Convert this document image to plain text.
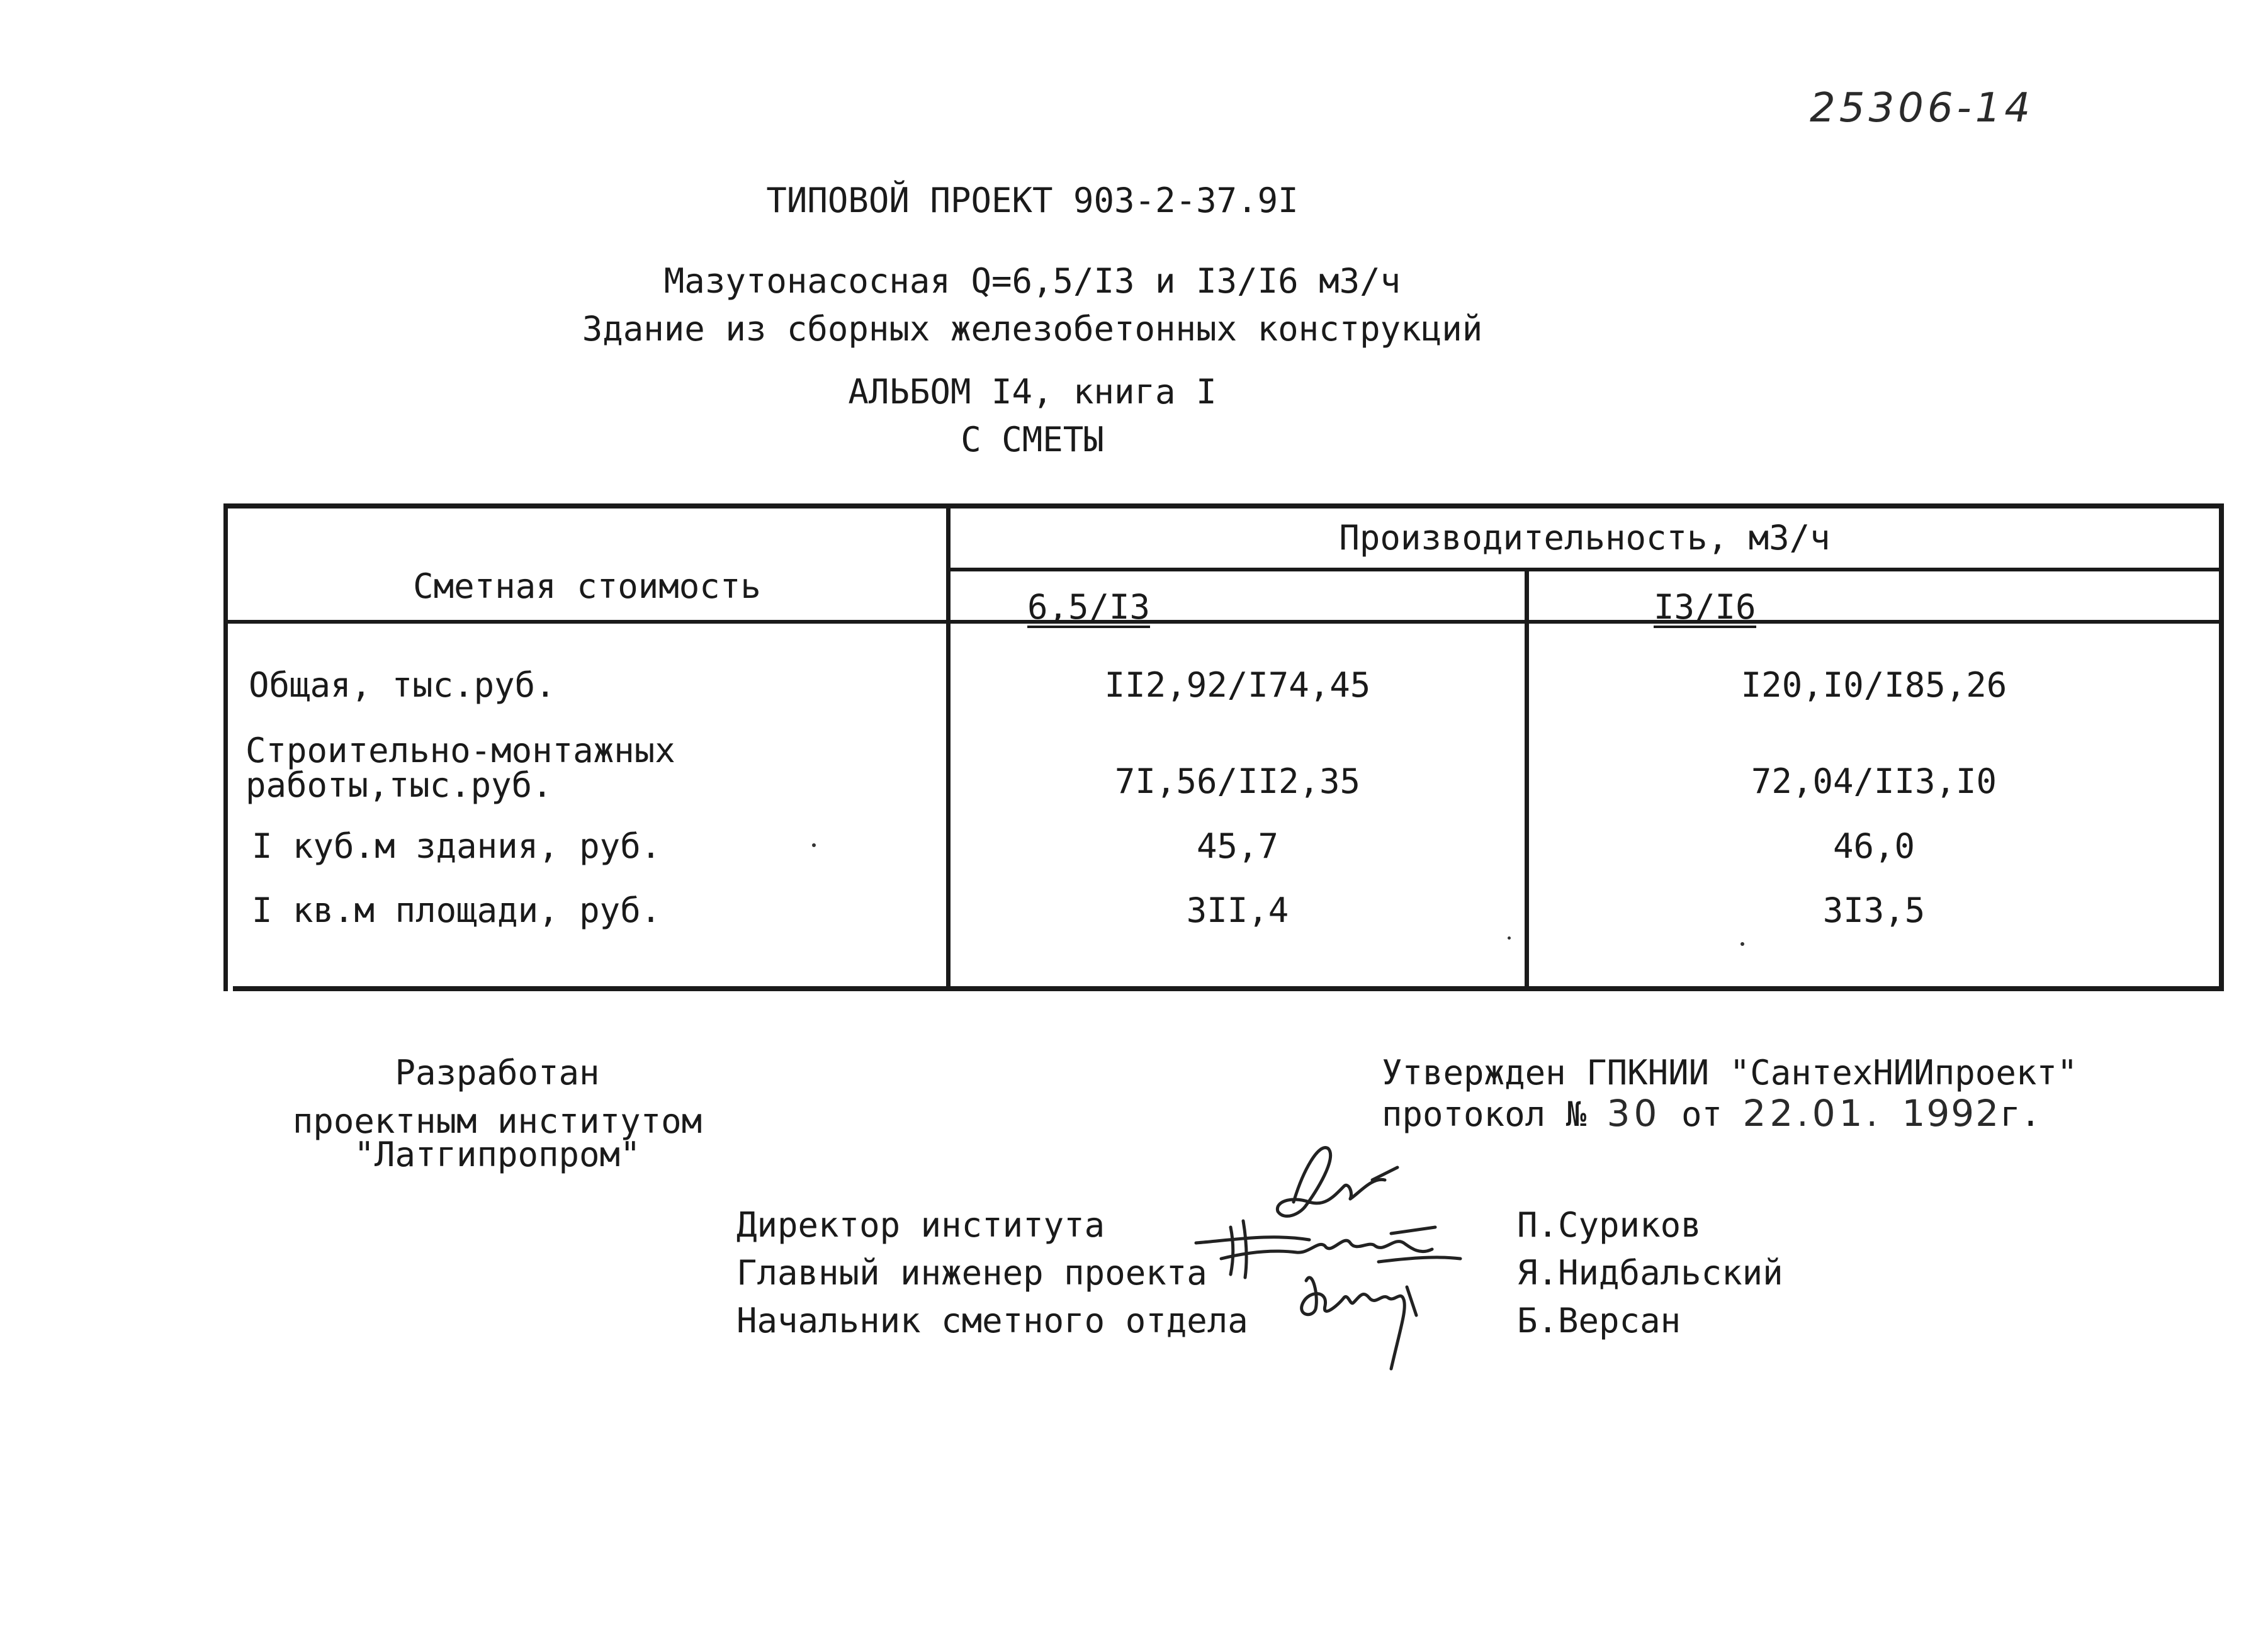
25306-14
ТИПОВОЙ ПРОЕКТ 903-2-37.9I
Мазутонасосная Q=6,5/I3 и I3/I6 м3/ч
Здание из сборных железобетонных конструкций
АЛЬБОМ I4, книга I
С СМЕТЫ
Сметная стоимость
Производительность, м3/ч
6,5/I3	I3/I6
Общая, тыс.руб.	II2,92/I74,45	I20,I0/I85,26
Строительно-монтажных
работы,тыс.руб.	7I,56/II2,35	72,04/II3,I0
I куб.м здания, руб.	45,7	46,0
I кв.м площади, руб.	3II,4	3I3,5
Разработан
проектным институтом
"Латгипропром"
Утвержден ГПКНИИ "СантехНИИпроект"
протокол № 30 от 22.01. 1992г.
Директор института	П.Суриков
Главный инженер проекта	Я.Нидбальский
Начальник сметного отдела	Б.Версан
